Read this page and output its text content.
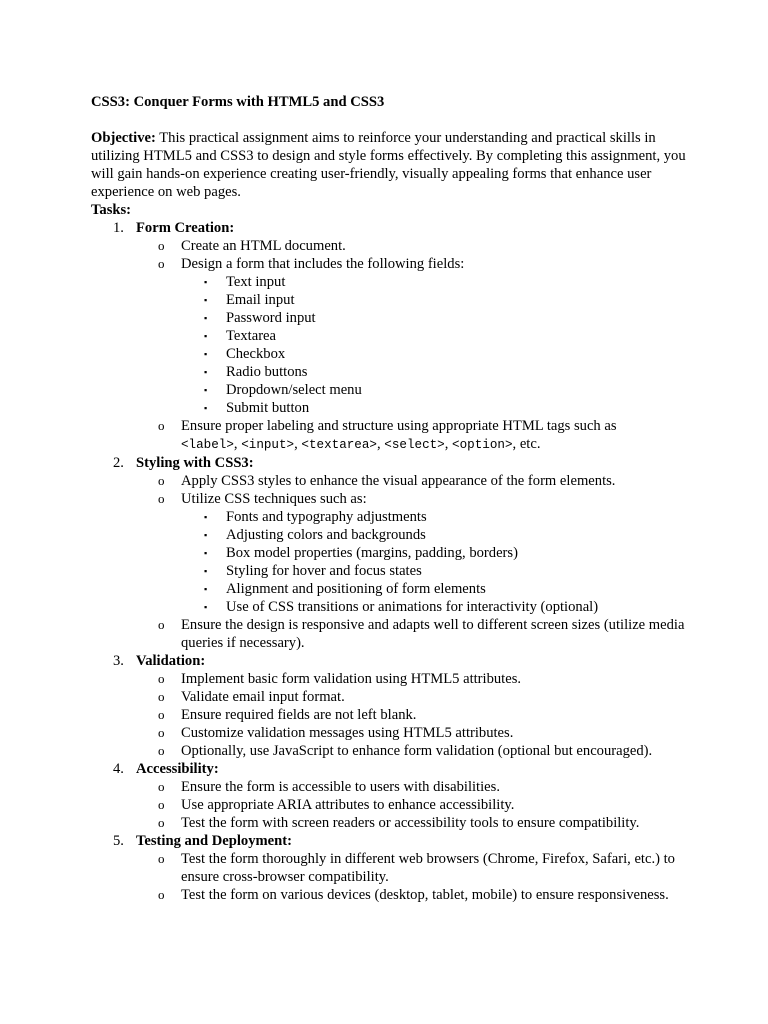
CSS3: Conquer Forms with HTML5 and CSS3
Objective: This practical assignment aims to reinforce your understanding and practical skills in utilizing HTML5 and CSS3 to design and style forms effectively. By completing this assignment, you will gain hands-on experience creating user-friendly, visually appealing forms that enhance user experience on web pages.
Tasks:
1. Form Creation:
o Create an HTML document.
o Design a form that includes the following fields:
▪ Text input
▪ Email input
▪ Password input
▪ Textarea
▪ Checkbox
▪ Radio buttons
▪ Dropdown/select menu
▪ Submit button
o Ensure proper labeling and structure using appropriate HTML tags such as
<label>, <input>, <textarea>, <select>, <option>, etc.
2. Styling with CSS3:
o Apply CSS3 styles to enhance the visual appearance of the form elements.
o Utilize CSS techniques such as:
▪ Fonts and typography adjustments
▪ Adjusting colors and backgrounds
▪ Box model properties (margins, padding, borders)
▪ Styling for hover and focus states
▪ Alignment and positioning of form elements
▪ Use of CSS transitions or animations for interactivity (optional)
o Ensure the design is responsive and adapts well to different screen sizes (utilize media queries if necessary).
3. Validation:
o Implement basic form validation using HTML5 attributes.
o Validate email input format.
o Ensure required fields are not left blank.
o Customize validation messages using HTML5 attributes.
o Optionally, use JavaScript to enhance form validation (optional but encouraged).
4. Accessibility:
o Ensure the form is accessible to users with disabilities.
o Use appropriate ARIA attributes to enhance accessibility.
o Test the form with screen readers or accessibility tools to ensure compatibility.
5. Testing and Deployment:
o Test the form thoroughly in different web browsers (Chrome, Firefox, Safari, etc.) to ensure cross-browser compatibility.
o Test the form on various devices (desktop, tablet, mobile) to ensure responsiveness.
